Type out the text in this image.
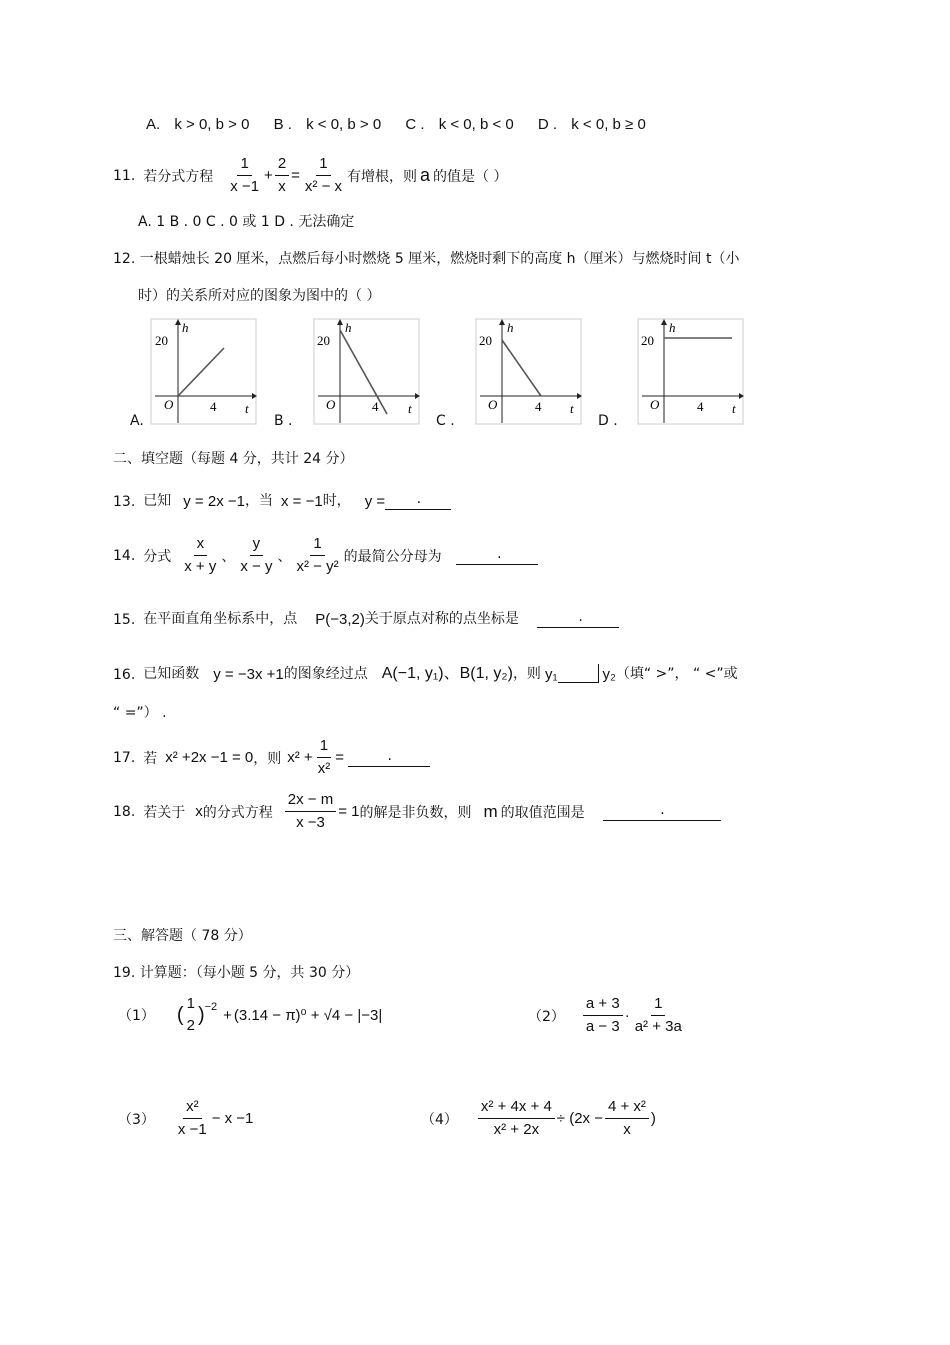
A. k > 0, b > 0 B . k < 0, b > 0 C . k < 0, b < 0 D . k < 0, b ≥ 0
11. 若分式方程 $\frac{1}{x -1} + \frac{2}{x} = \frac{1}{\text{x² − x}}$ 有增根，则 a 的值是（ ）
A. 1 B . 0 C . 0 或 1 D . 无法确定
12. 一根蜡烛长 20 厘米，点燃后每小时燃烧 5 厘米，燃烧时剩下的高度 h（厘米）与燃烧时间 t（小
时）的关系所对应的图象为图中的（ ）
h
20
O	4 t
A.
h
20
O	4 t
B .
h
20
O	4 t
C .
h
20
O	4 t
D .
二、填空题（每题 4 分，共计 24 分）
13. 已知 y = 2x −1 ，当 x = −1 时， y =	.
14. 分式 $\frac{x}{x + y}$ 、 $\frac{y}{x - y}$ 、 $\frac{1}{\text{x² − y²}}$ 的最简公分母为	.
15. 在平面直角坐标系中，点 P(−3,2) 关于原点对称的点坐标是	.
16. 已知函数 y = −3x +1 的图象经过点 A(−1, y₁)、B(1, y₂) ，则 y₁	y₂ （填“ >”， “ <”或
“ =”） .
17. 若 x² +2x −1 = 0 ，则 $x^2 + \frac{1}{\text{x²}}$ =	.
18. 若关于 x 的分式方程 $\frac{2x - m}{x -3} = 1$ 的解是非负数，则 m 的取值范围是	.
三、解答题（ 78 分）
19. 计算题：（每小题 5 分，共 30 分）
（1） ( 1
2 ) −2 + (3.14 − π)⁰ + √4 − |−3|	$(2) \frac{a + 3}{a - 3} \cdot \frac{1}{\text{a² + 3a}}$
$(3) \frac{\text{x²}}{x -1} - x -1$	$(4) \frac{\text{x² + 4x + 4}}{\text{x² + 2x}} \div (2x - \frac{\text{4 + x²}}{x}$ )
